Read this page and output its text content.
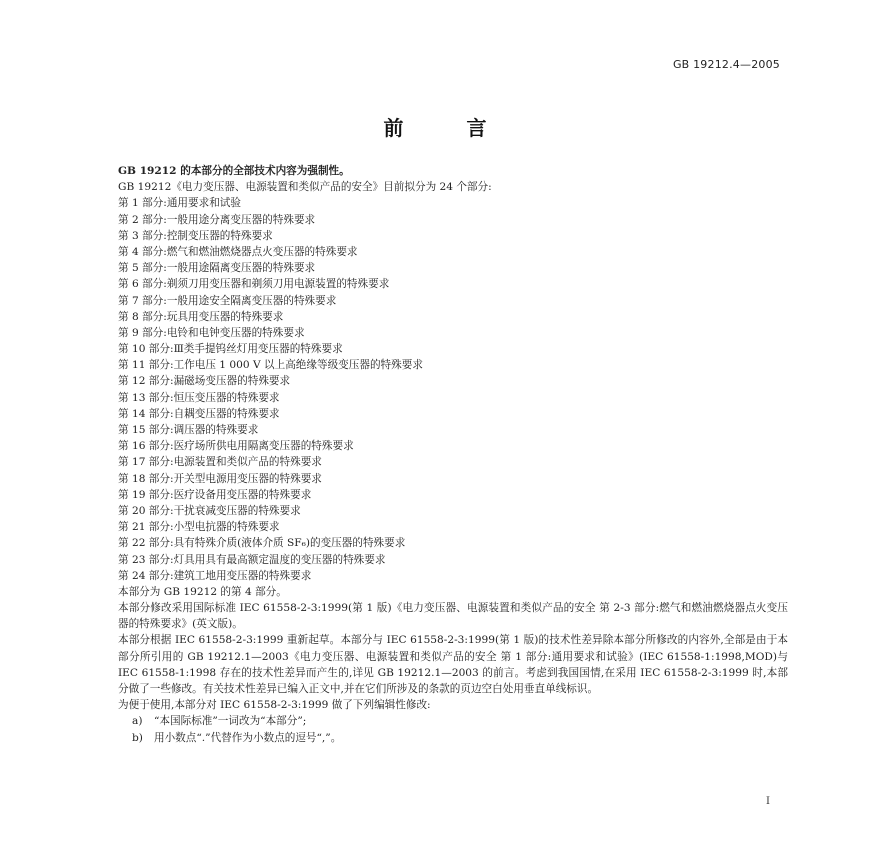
GB 19212.4—2005
前 言
GB 19212 的本部分的全部技术内容为强制性。
GB 19212《电力变压器、电源装置和类似产品的安全》目前拟分为 24 个部分:
第 1 部分:通用要求和试验
第 2 部分:一般用途分离变压器的特殊要求
第 3 部分:控制变压器的特殊要求
第 4 部分:燃气和燃油燃烧器点火变压器的特殊要求
第 5 部分:一般用途隔离变压器的特殊要求
第 6 部分:剃须刀用变压器和剃须刀用电源装置的特殊要求
第 7 部分:一般用途安全隔离变压器的特殊要求
第 8 部分:玩具用变压器的特殊要求
第 9 部分:电铃和电钟变压器的特殊要求
第 10 部分:Ⅲ类手提钨丝灯用变压器的特殊要求
第 11 部分:工作电压 1 000 V 以上高绝缘等级变压器的特殊要求
第 12 部分:漏磁场变压器的特殊要求
第 13 部分:恒压变压器的特殊要求
第 14 部分:自耦变压器的特殊要求
第 15 部分:调压器的特殊要求
第 16 部分:医疗场所供电用隔离变压器的特殊要求
第 17 部分:电源装置和类似产品的特殊要求
第 18 部分:开关型电源用变压器的特殊要求
第 19 部分:医疗设备用变压器的特殊要求
第 20 部分:干扰衰减变压器的特殊要求
第 21 部分:小型电抗器的特殊要求
第 22 部分:具有特殊介质(液体介质 SF₆)的变压器的特殊要求
第 23 部分:灯具用具有最高额定温度的变压器的特殊要求
第 24 部分:建筑工地用变压器的特殊要求
本部分为 GB 19212 的第 4 部分。
本部分修改采用国际标准 IEC 61558-2-3:1999(第 1 版)《电力变压器、电源装置和类似产品的安全 第 2-3 部分:燃气和燃油燃烧器点火变压器的特殊要求》(英文版)。
本部分根据 IEC 61558-2-3:1999 重新起草。本部分与 IEC 61558-2-3:1999(第 1 版)的技术性差异除本部分所修改的内容外,全部是由于本部分所引用的 GB 19212.1—2003《电力变压器、电源装置和类似产品的安全 第 1 部分:通用要求和试验》(IEC 61558-1:1998,MOD)与 IEC 61558-1:1998 存在的技术性差异而产生的,详见 GB 19212.1—2003 的前言。考虑到我国国情,在采用 IEC 61558-2-3:1999 时,本部分做了一些修改。有关技术性差异已编入正文中,并在它们所涉及的条款的页边空白处用垂直单线标识。
为便于使用,本部分对 IEC 61558-2-3:1999 做了下列编辑性修改:
a) “本国际标准”一词改为“本部分”;
b) 用小数点“.”代替作为小数点的逗号“,”。
I
